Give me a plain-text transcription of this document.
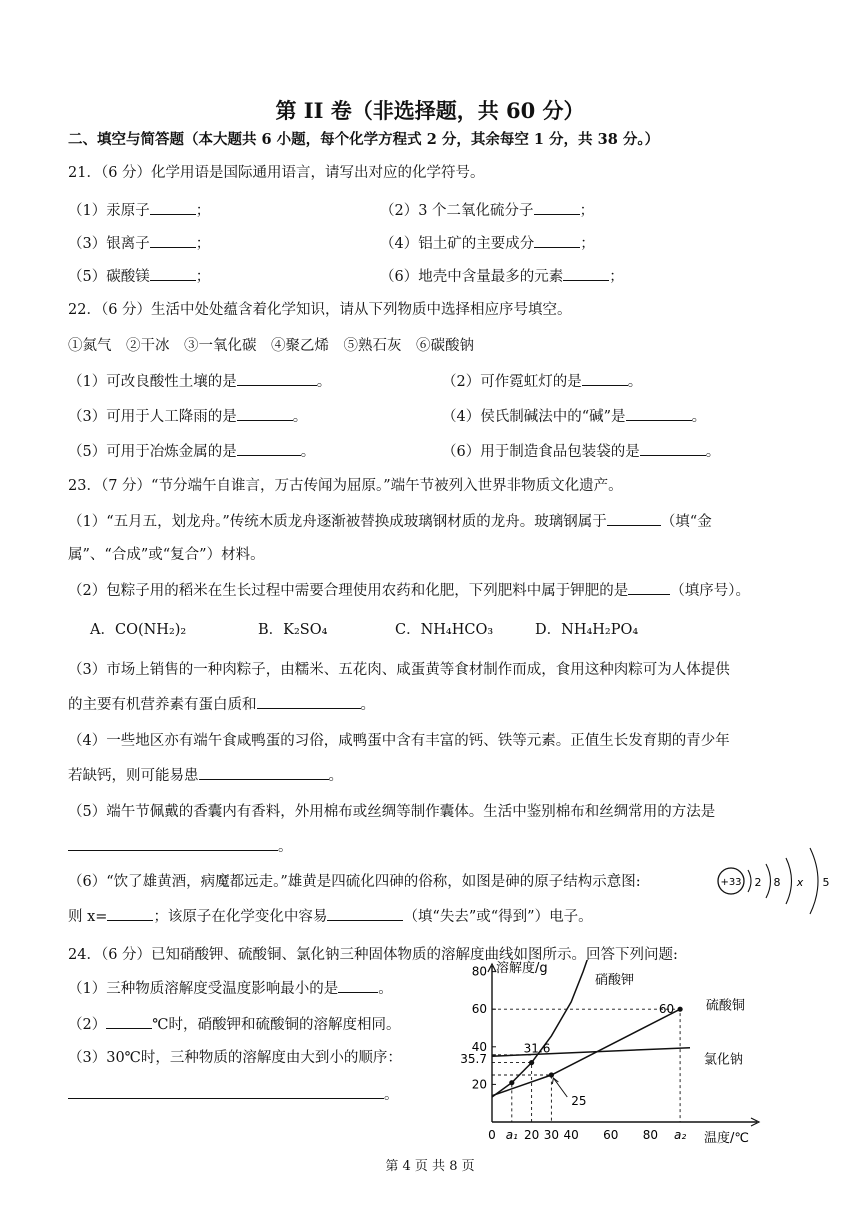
第 II 卷（非选择题，共 60 分）
二、填空与简答题（本大题共 6 小题，每个化学方程式 2 分，其余每空 1 分，共 38 分。）
21．（6 分）化学用语是国际通用语言，请写出对应的化学符号。
（1）汞原子	；	（2）3 个二氧化硫分子	；
（3）银离子	；	（4）铝土矿的主要成分	；
（5）碳酸镁	；	（6）地壳中含量最多的元素	；
22．（6 分）生活中处处蕴含着化学知识，请从下列物质中选择相应序号填空。
①氮气　②干冰　③一氧化碳　④聚乙烯　⑤熟石灰　⑥碳酸钠
（1）可改良酸性土壤的是	。	（2）可作霓虹灯的是	。
（3）可用于人工降雨的是	。	（4）侯氏制碱法中的“碱”是	。
（5）可用于冶炼金属的是	。	（6）用于制造食品包装袋的是	。
23．（7 分）“节分端午自谁言，万古传闻为屈原。”端午节被列入世界非物质文化遗产。
（1）“五月五，划龙舟。”传统木质龙舟逐渐被替换成玻璃钢材质的龙舟。玻璃钢属于	（填“金
属”、“合成”或“复合”）材料。
（2）包粽子用的稻米在生长过程中需要合理使用农药和化肥，下列肥料中属于钾肥的是	（填序号）。
A．CO(NH₂)₂	B．K₂SO₄	C．NH₄HCO₃	D．NH₄H₂PO₄
（3）市场上销售的一种肉粽子，由糯米、五花肉、咸蛋黄等食材制作而成，食用这种肉粽可为人体提供
的主要有机营养素有蛋白质和	。
（4）一些地区亦有端午食咸鸭蛋的习俗，咸鸭蛋中含有丰富的钙、铁等元素。正值生长发育期的青少年
若缺钙，则可能易患	。
（5）端午节佩戴的香囊内有香料，外用棉布或丝绸等制作囊体。生活中鉴别棉布和丝绸常用的方法是
。
（6）“饮了雄黄酒，病魔都远走。”雄黄是四硫化四砷的俗称，如图是砷的原子结构示意图:
则 x=	；该原子在化学变化中容易	（填“失去”或“得到”）电子。
+33 2 8 x 5
24．（6 分）已知硝酸钾、硫酸铜、氯化钠三种固体物质的溶解度曲线如图所示。回答下列问题:
（1）三种物质溶解度受温度影响最小的是	。
（2）	℃时，硝酸钾和硫酸铜的溶解度相同。
（3）30℃时，三种物质的溶解度由大到小的顺序：
。
溶解度/g
温度/℃
0 a₁ 20 30 40 60 80 a₂
20
35.7
40
60
80
硝酸钾
硫酸铜
氯化钠
31.6
60
25
第 4 页 共 8 页
